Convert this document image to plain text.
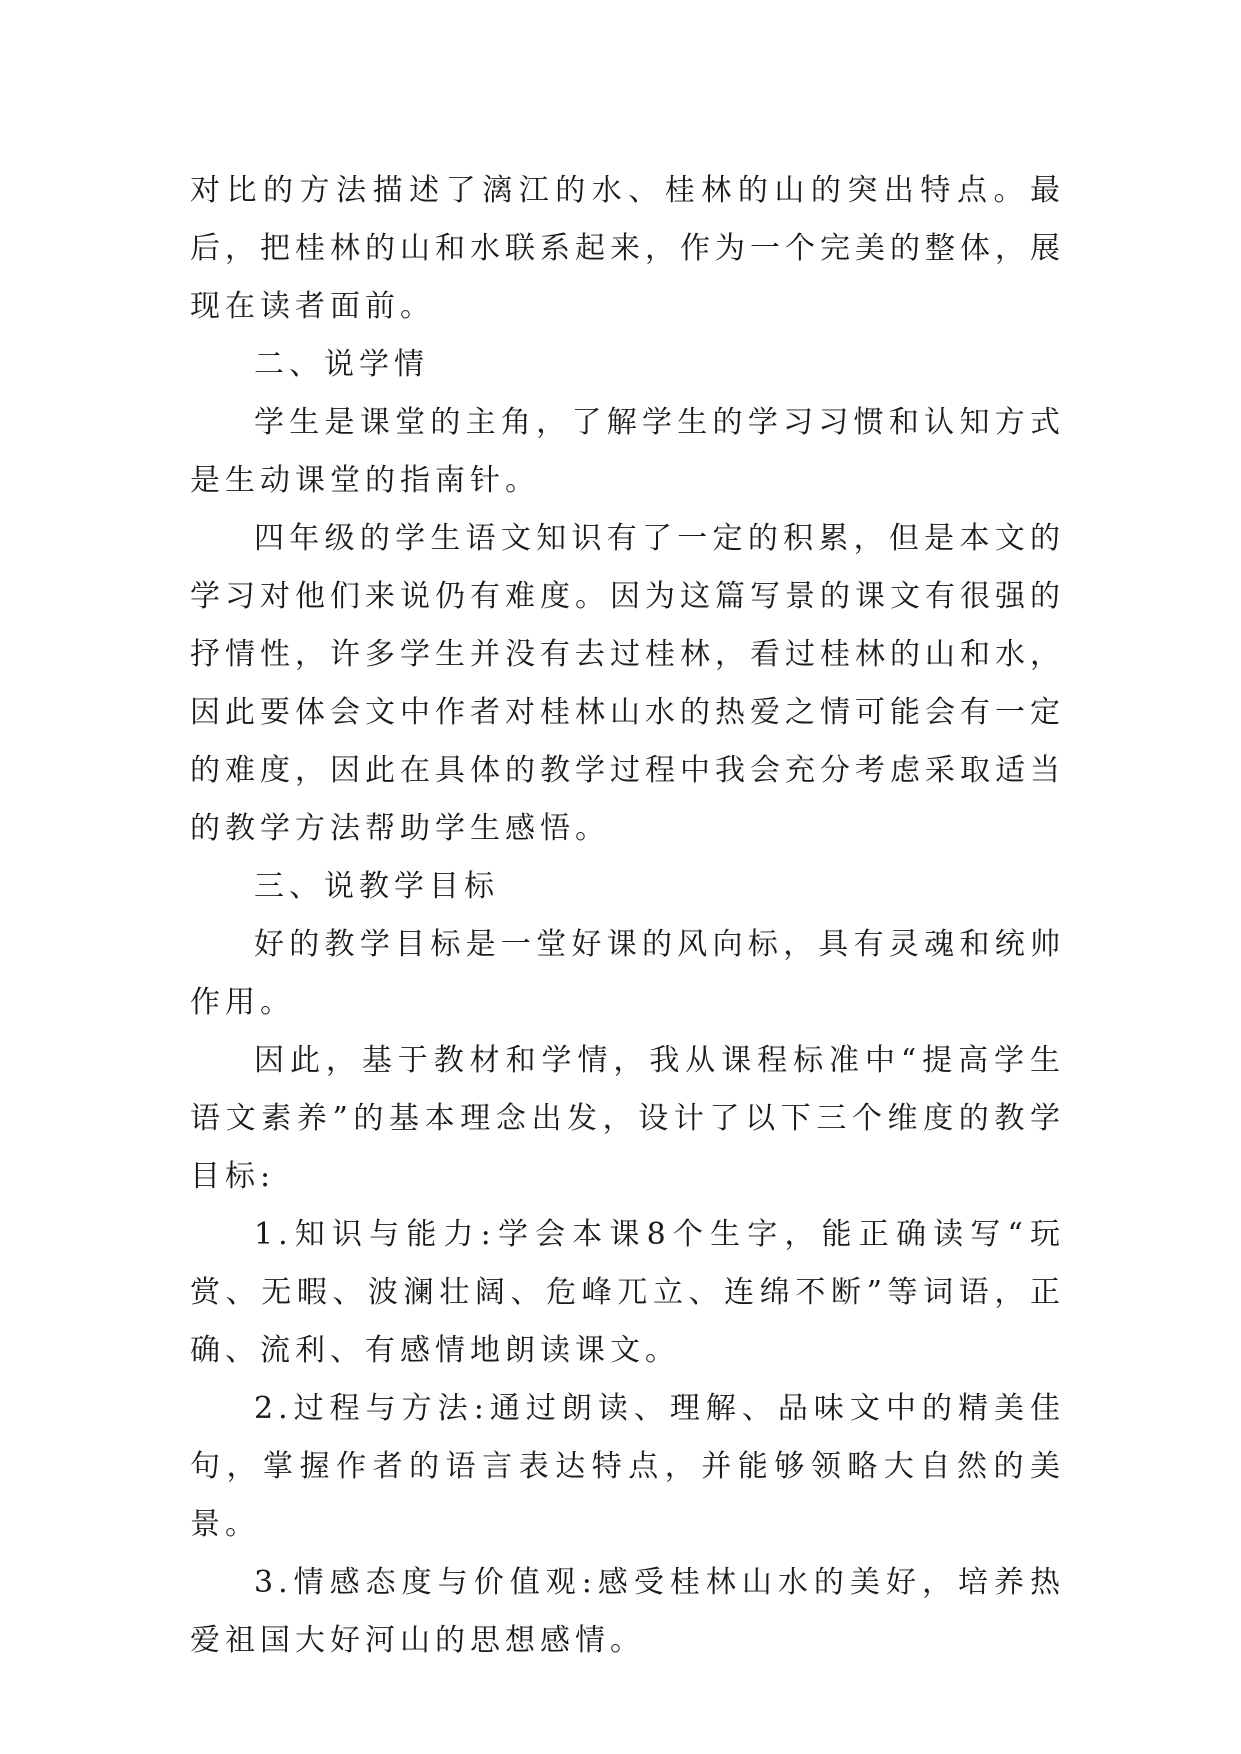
对比的方法描述了漓江的水、桂林的山的突出特点。最后，把桂林的山和水联系起来，作为一个完美的整体，展现在读者面前。

二、说学情

学生是课堂的主角，了解学生的学习习惯和认知方式是生动课堂的指南针。

四年级的学生语文知识有了一定的积累，但是本文的学习对他们来说仍有难度。因为这篇写景的课文有很强的抒情性，许多学生并没有去过桂林，看过桂林的山和水，因此要体会文中作者对桂林山水的热爱之情可能会有一定的难度，因此在具体的教学过程中我会充分考虑采取适当的教学方法帮助学生感悟。

三、说教学目标

好的教学目标是一堂好课的风向标，具有灵魂和统帅作用。

因此，基于教材和学情，我从课程标准中“提高学生语文素养”的基本理念出发，设计了以下三个维度的教学目标:

1.知识与能力:学会本课8个生字，能正确读写“玩赏、无暇、波澜壮阔、危峰兀立、连绵不断”等词语，正确、流利、有感情地朗读课文。

2.过程与方法:通过朗读、理解、品味文中的精美佳句，掌握作者的语言表达特点，并能够领略大自然的美景。

3.情感态度与价值观:感受桂林山水的美好，培养热爱祖国大好河山的思想感情。
